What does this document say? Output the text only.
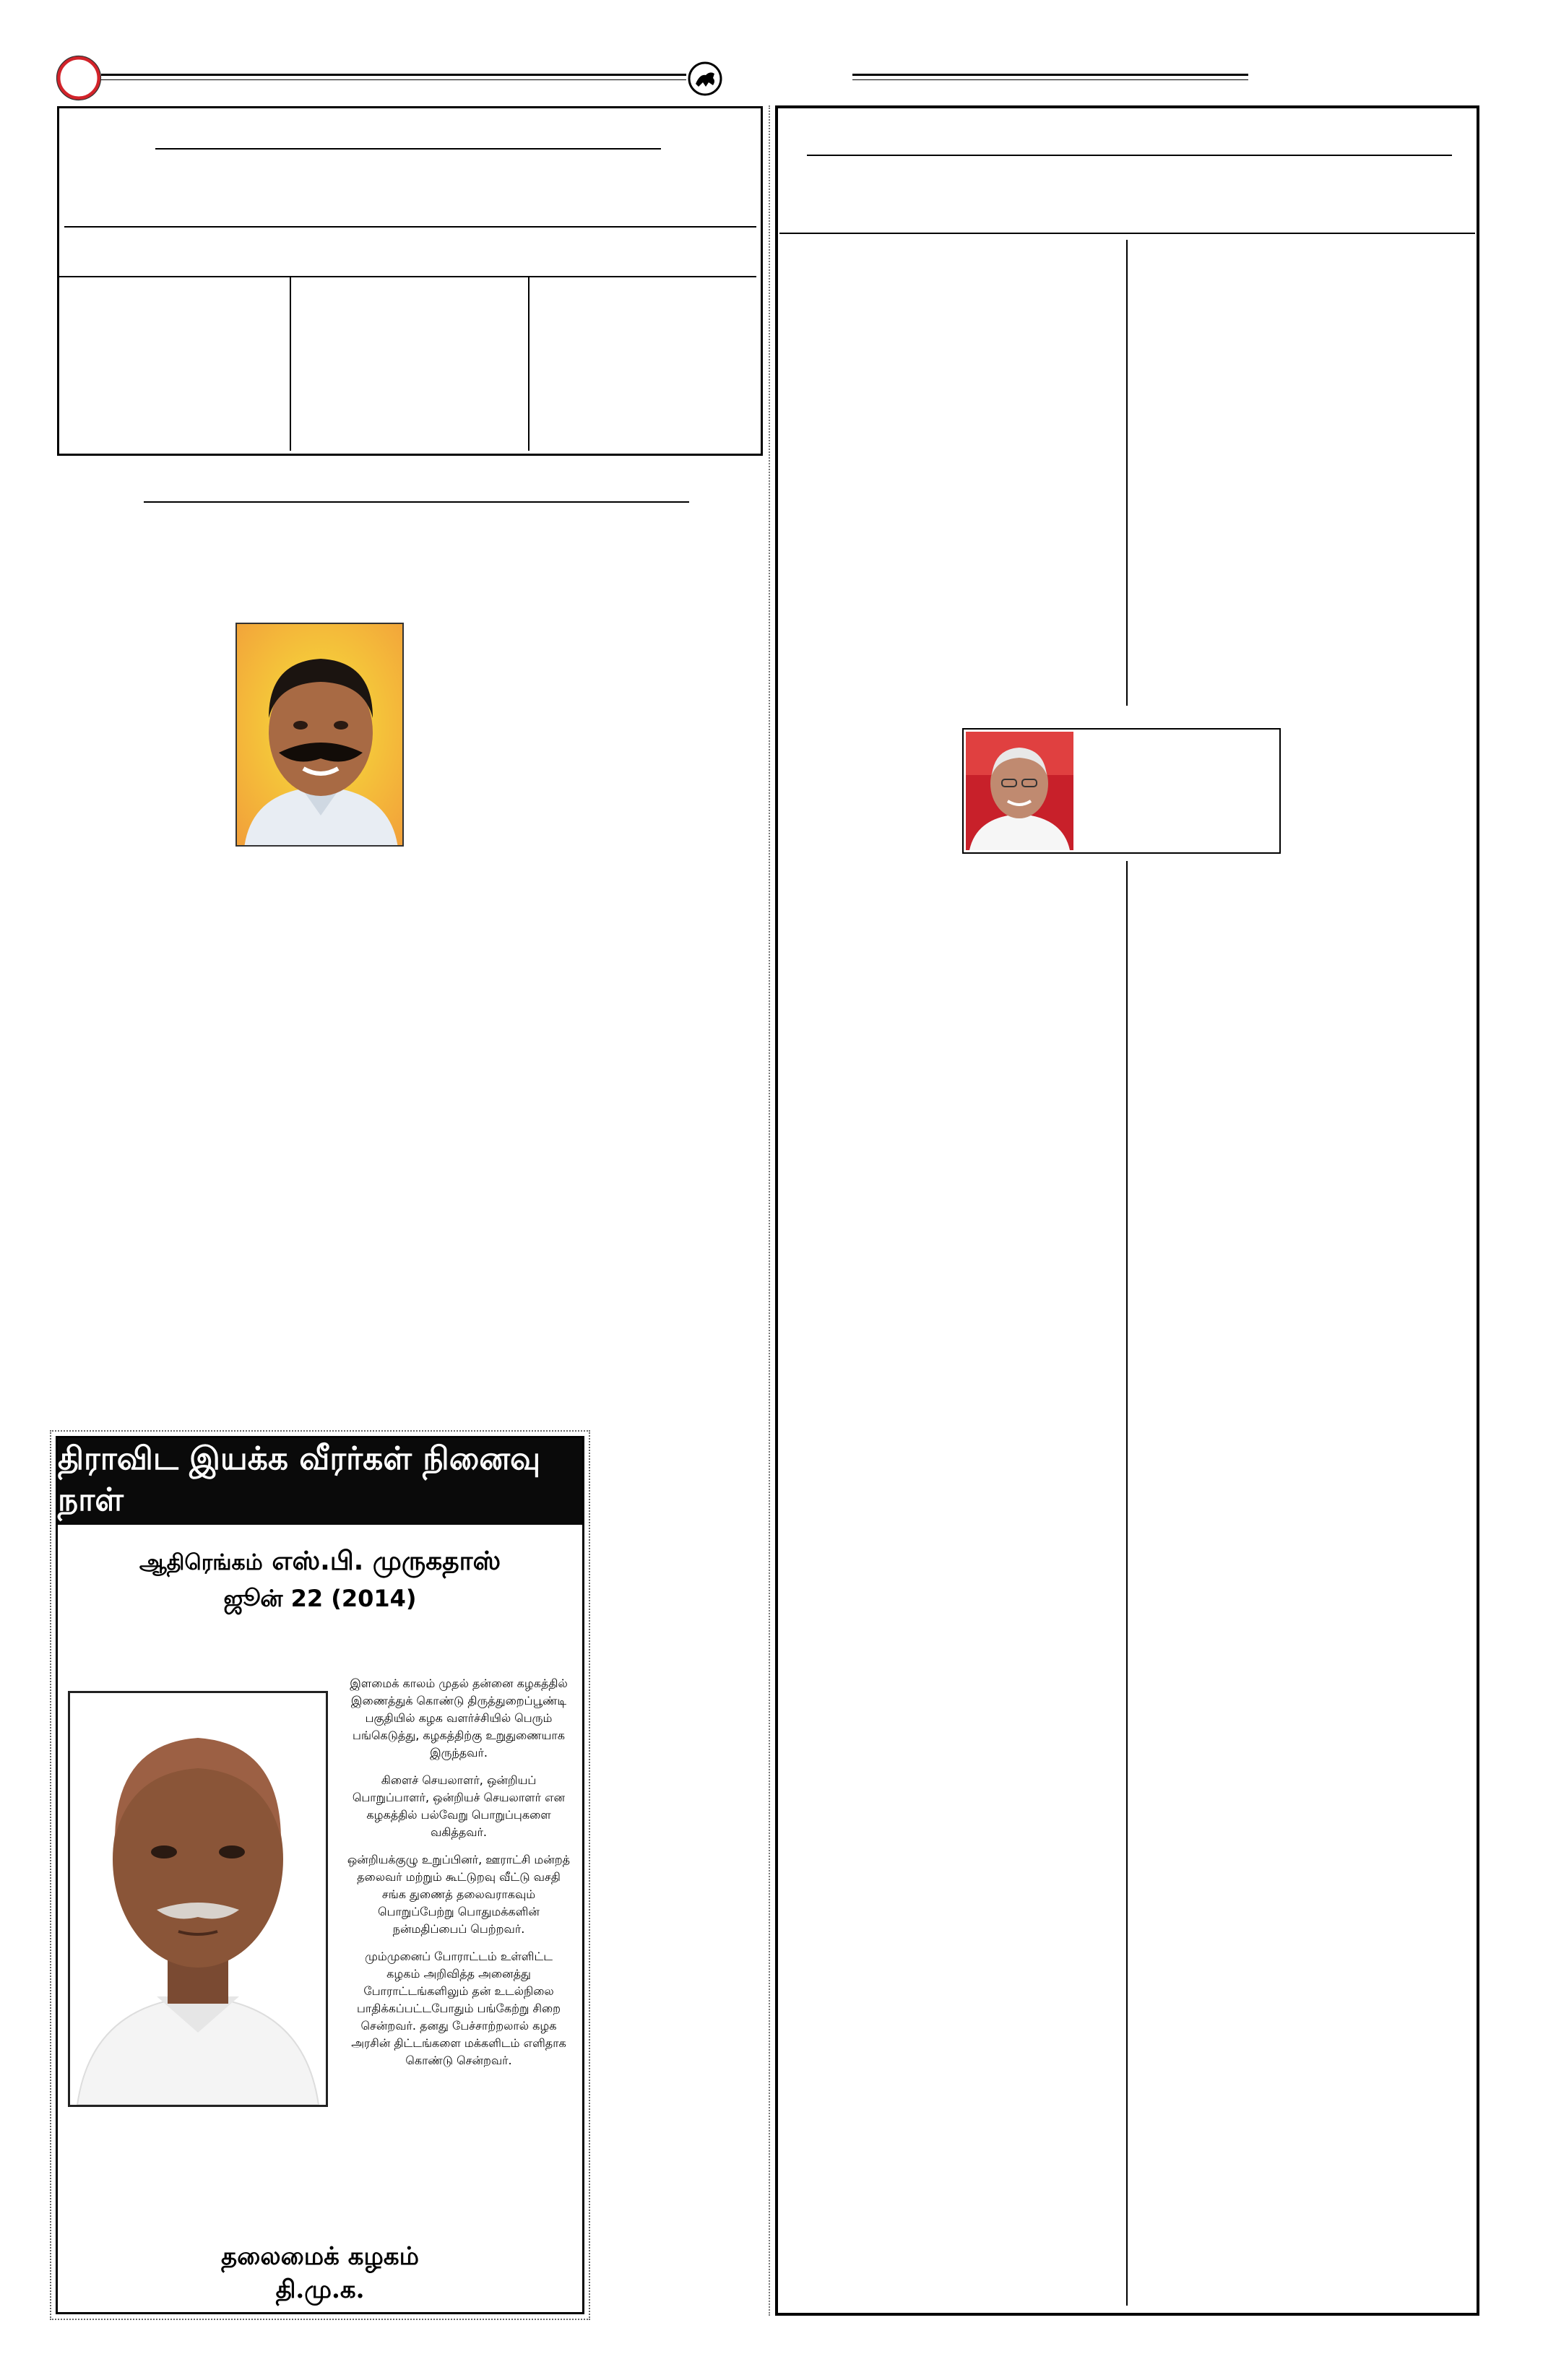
திராவிட இயக்க வீரர்கள் நினைவு நாள்
ஆதிரெங்கம் எஸ்.பி. முருகதாஸ்
ஜூன் 22 (2014)

இளமைக் காலம் முதல் தன்னை கழகத்தில் இணைத்துக் கொண்டு திருத்துறைப்பூண்டி பகுதியில் கழக வளர்ச்சியில் பெரும் பங்கெடுத்து, கழகத்திற்கு உறுதுணையாக இருந்தவர்.

கிளைச் செயலாளர், ஒன்றியப் பொறுப்பாளர், ஒன்றியச் செயலாளர் என கழகத்தில் பல்வேறு பொறுப்புகளை வகித்தவர்.

ஒன்றியக்குழு உறுப்பினர், ஊராட்சி மன்றத் தலைவர் மற்றும் கூட்டுறவு வீட்டு வசதி சங்க துணைத் தலைவராகவும் பொறுப்பேற்று பொதுமக்களின் நன்மதிப்பைப் பெற்றவர்.

மும்முனைப் போராட்டம் உள்ளிட்ட கழகம் அறிவித்த அனைத்து போராட்டங்களிலும் தன் உடல்நிலை பாதிக்கப்பட்டபோதும் பங்கேற்று சிறை சென்றவர். தனது பேச்சாற்றலால் கழக அரசின் திட்டங்களை மக்களிடம் எளிதாக கொண்டு சென்றவர்.

தலைமைக் கழகம்
தி.மு.க.
